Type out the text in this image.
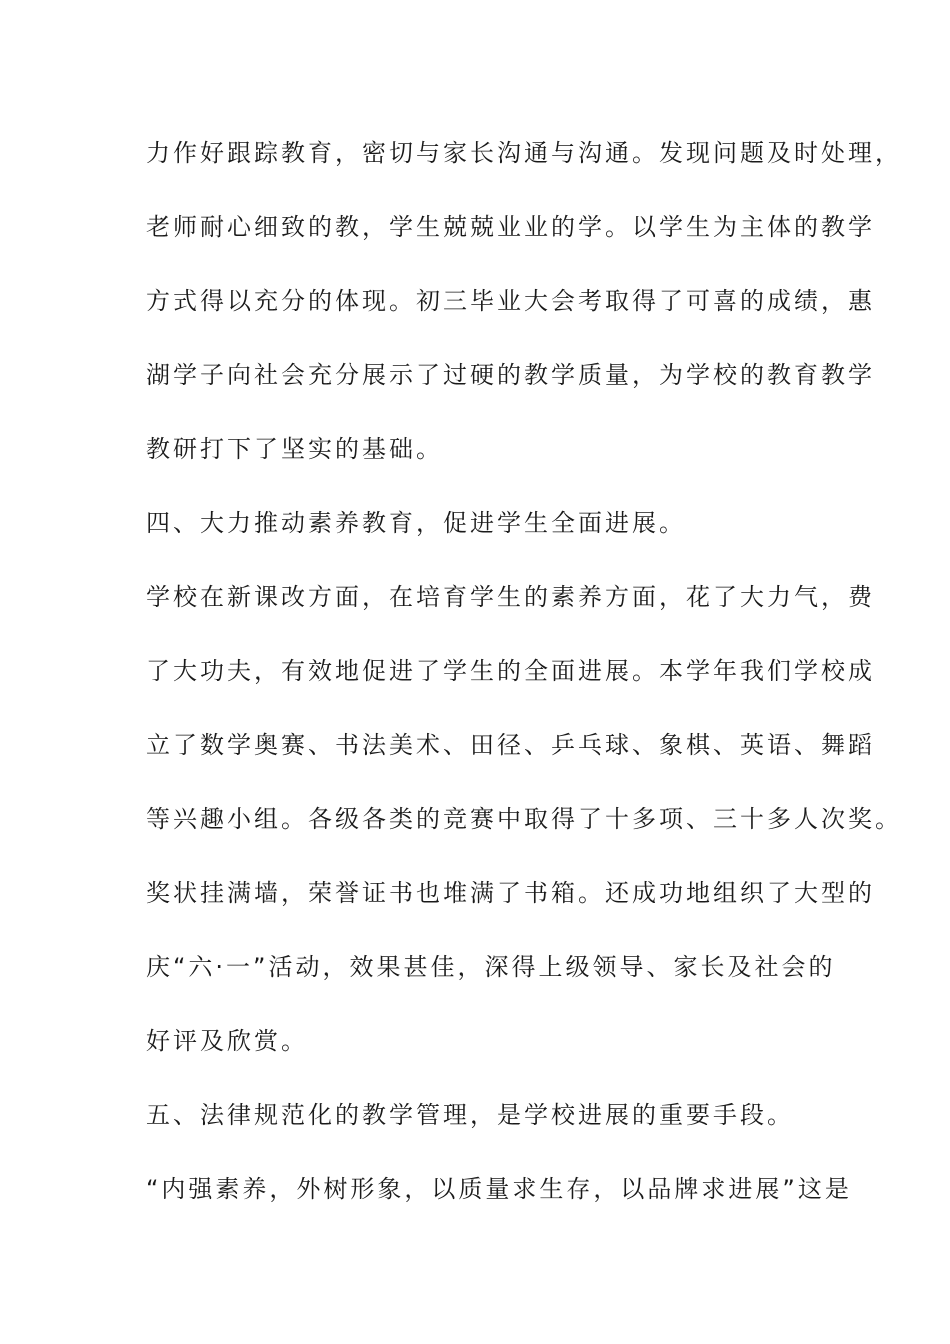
力作好跟踪教育，密切与家长沟通与沟通。发现问题及时处理，
老师耐心细致的教，学生兢兢业业的学。以学生为主体的教学
方式得以充分的体现。初三毕业大会考取得了可喜的成绩，惠
湖学子向社会充分展示了过硬的教学质量，为学校的教育教学
教研打下了坚实的基础。
四、大力推动素养教育，促进学生全面进展。
学校在新课改方面，在培育学生的素养方面，花了大力气，费
了大功夫，有效地促进了学生的全面进展。本学年我们学校成
立了数学奥赛、书法美术、田径、乒乓球、象棋、英语、舞蹈
等兴趣小组。各级各类的竞赛中取得了十多项、三十多人次奖。
奖状挂满墙，荣誉证书也堆满了书箱。还成功地组织了大型的
庆“六·一”活动，效果甚佳，深得上级领导、家长及社会的
好评及欣赏。
五、法律规范化的教学管理，是学校进展的重要手段。
“内强素养，外树形象，以质量求生存，以品牌求进展”这是
